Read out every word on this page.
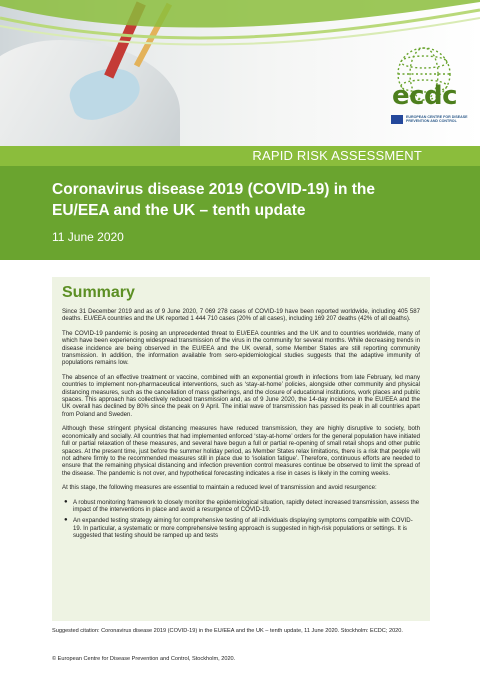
ecdc
EUROPEAN CENTRE FOR DISEASE PREVENTION AND CONTROL
RAPID RISK ASSESSMENT
Coronavirus disease 2019 (COVID-19) in the EU/EEA and the UK – tenth update
11 June 2020
Summary

Since 31 December 2019 and as of 9 June 2020, 7 069 278 cases of COVID-19 have been reported worldwide, including 405 587 deaths. EU/EEA countries and the UK reported 1 444 710 cases (20% of all cases), including 169 207 deaths (42% of all deaths).

The COVID-19 pandemic is posing an unprecedented threat to EU/EEA countries and the UK and to countries worldwide, many of which have been experiencing widespread transmission of the virus in the community for several months. While decreasing trends in disease incidence are being observed in the EU/EEA and the UK overall, some Member States are still reporting community transmission. In addition, the information available from sero-epidemiological studies suggests that the adaptive immunity of populations remains low.

The absence of an effective treatment or vaccine, combined with an exponential growth in infections from late February, led many countries to implement non-pharmaceutical interventions, such as ‘stay-at-home’ policies, alongside other community and physical distancing measures, such as the cancellation of mass gatherings, and the closure of educational institutions, work places and public spaces. This approach has collectively reduced transmission and, as of 9 June 2020, the 14-day incidence in the EU/EEA and the UK overall has declined by 80% since the peak on 9 April. The initial wave of transmission has passed its peak in all countries apart from Poland and Sweden.

Although these stringent physical distancing measures have reduced transmission, they are highly disruptive to society, both economically and socially. All countries that had implemented enforced ‘stay-at-home’ orders for the general population have initiated full or partial relaxation of these measures, and several have begun a full or partial re-opening of small retail shops and other public spaces. At the present time, just before the summer holiday period, as Member States relax limitations, there is a risk that people will not adhere firmly to the recommended measures still in place due to ‘isolation fatigue’. Therefore, continuous efforts are needed to ensure that the remaining physical distancing and infection prevention control measures continue be observed to limit the spread of the disease. The pandemic is not over, and hypothetical forecasting indicates a rise in cases is likely in the coming weeks.

At this stage, the following measures are essential to maintain a reduced level of transmission and avoid resurgence:

● A robust monitoring framework to closely monitor the epidemiological situation, rapidly detect increased transmission, assess the impact of the interventions in place and avoid a resurgence of COVID-19.
● An expanded testing strategy aiming for comprehensive testing of all individuals displaying symptoms compatible with COVID-19. In particular, a systematic or more comprehensive testing approach is suggested in high-risk populations or settings. It is suggested that testing should be ramped up and tests
Suggested citation: Coronavirus disease 2019 (COVID-19) in the EU/EEA and the UK – tenth update, 11 June 2020. Stockholm: ECDC; 2020.
© European Centre for Disease Prevention and Control, Stockholm, 2020.
